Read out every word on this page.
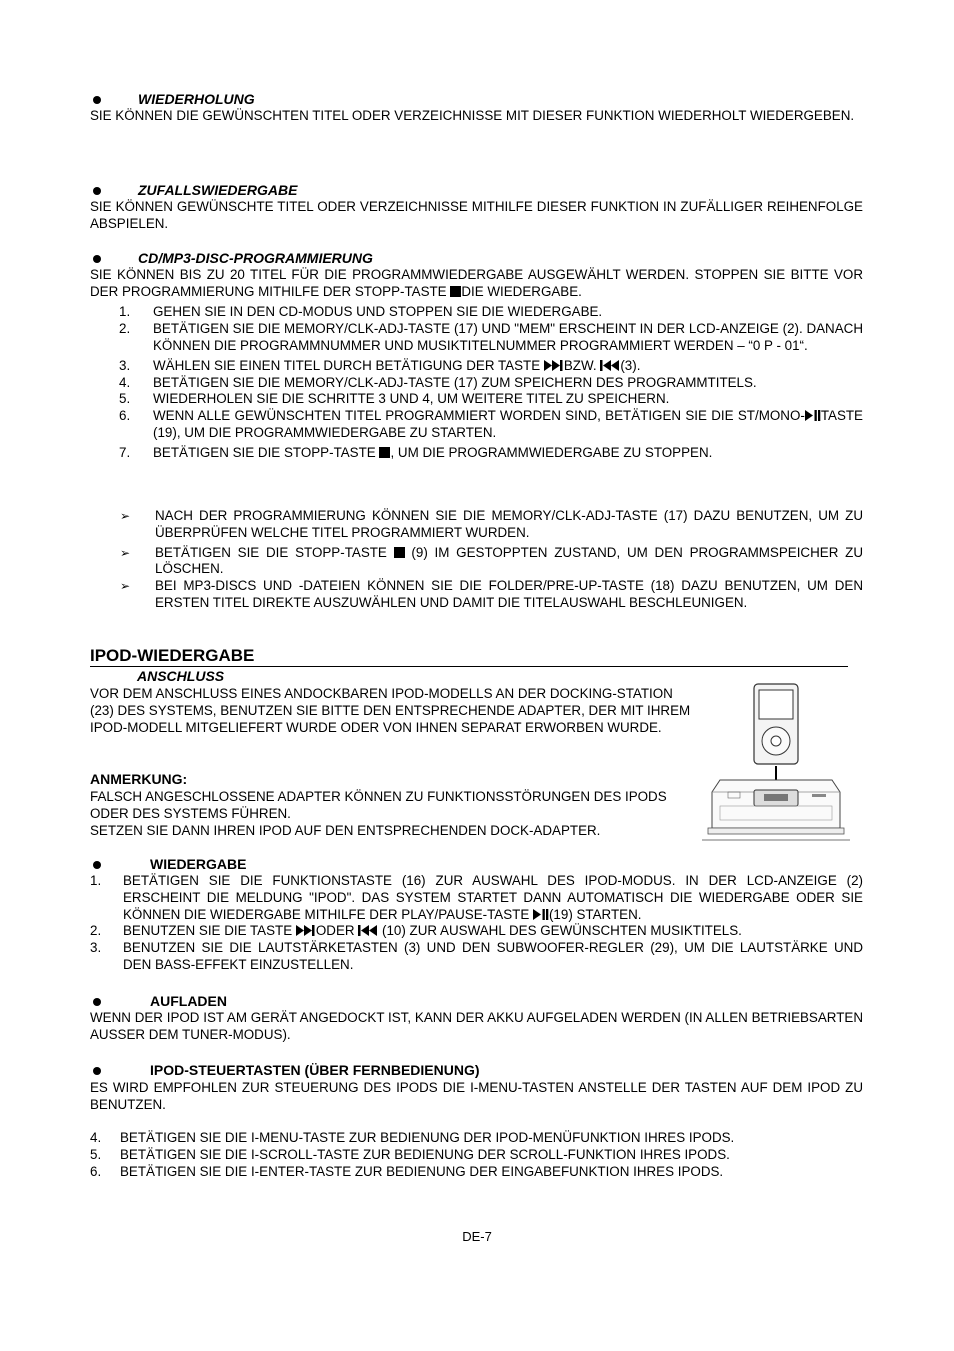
WIEDERHOLUNG
SIE KÖNNEN DIE GEWÜNSCHTEN TITEL ODER VERZEICHNISSE MIT DIESER FUNKTION WIEDERHOLT WIEDERGEBEN.
ZUFALLSWIEDERGABE
SIE KÖNNEN GEWÜNSCHTE TITEL ODER VERZEICHNISSE MITHILFE DIESER FUNKTION IN ZUFÄLLIGER REIHENFOLGE ABSPIELEN.
CD/MP3-DISC-PROGRAMMIERUNG
SIE KÖNNEN BIS ZU 20 TITEL FÜR DIE PROGRAMMWIEDERGABE AUSGEWÄHLT WERDEN. STOPPEN SIE BITTE VOR DER PROGRAMMIERUNG MITHILFE DER STOPP-TASTE DIE WIEDERGABE.
1. GEHEN SIE IN DEN CD-MODUS UND STOPPEN SIE DIE WIEDERGABE.
2. BETÄTIGEN SIE DIE MEMORY/CLK-ADJ-TASTE (17) UND "MEM" ERSCHEINT IN DER LCD-ANZEIGE (2). DANACH KÖNNEN DIE PROGRAMMNUMMER UND MUSIKTITELNUMMER PROGRAMMIERT WERDEN – “0 P - 01“.
3. WÄHLEN SIE EINEN TITEL DURCH BETÄTIGUNG DER TASTE BZW. (3).
4. BETÄTIGEN SIE DIE MEMORY/CLK-ADJ-TASTE (17) ZUM SPEICHERN DES PROGRAMMTITELS.
5. WIEDERHOLEN SIE DIE SCHRITTE 3 UND 4, UM WEITERE TITEL ZU SPEICHERN.
6. WENN ALLE GEWÜNSCHTEN TITEL PROGRAMMIERT WORDEN SIND, BETÄTIGEN SIE DIE ST/MONO- TASTE (19), UM DIE PROGRAMMWIEDERGABE ZU STARTEN.
7. BETÄTIGEN SIE DIE STOPP-TASTE , UM DIE PROGRAMMWIEDERGABE ZU STOPPEN.
➢ NACH DER PROGRAMMIERUNG KÖNNEN SIE DIE MEMORY/CLK-ADJ-TASTE (17) DAZU BENUTZEN, UM ZU ÜBERPRÜFEN WELCHE TITEL PROGRAMMIERT WURDEN.
➢ BETÄTIGEN SIE DIE STOPP-TASTE  (9) IM GESTOPPTEN ZUSTAND, UM DEN PROGRAMMSPEICHER ZU LÖSCHEN.
➢ BEI MP3-DISCS UND -DATEIEN KÖNNEN SIE DIE FOLDER/PRE-UP-TASTE (18) DAZU BENUTZEN, UM DEN ERSTEN TITEL DIREKTE AUSZUWÄHLEN UND DAMIT DIE TITELAUSWAHL BESCHLEUNIGEN.
IPOD-WIEDERGABE
ANSCHLUSS
VOR DEM ANSCHLUSS EINES ANDOCKBAREN IPOD-MODELLS AN DER DOCKING-STATION (23) DES SYSTEMS, BENUTZEN SIE BITTE DEN ENTSPRECHENDE ADAPTER, DER MIT IHREM IPOD-MODELL MITGELIEFERT WURDE ODER VON IHNEN SEPARAT ERWORBEN WURDE.
ANMERKUNG:
FALSCH ANGESCHLOSSENE ADAPTER KÖNNEN ZU FUNKTIONSSTÖRUNGEN DES IPODS ODER DES SYSTEMS FÜHREN.
SETZEN SIE DANN IHREN IPOD AUF DEN ENTSPRECHENDEN DOCK-ADAPTER.
WIEDERGABE
1. BETÄTIGEN SIE DIE FUNKTIONSTASTE (16) ZUR AUSWAHL DES IPOD-MODUS. IN DER LCD-ANZEIGE (2) ERSCHEINT DIE MELDUNG "IPOD". DAS SYSTEM STARTET DANN AUTOMATISCH DIE WIEDERGABE ODER SIE KÖNNEN DIE WIEDERGABE MITHILFE DER PLAY/PAUSE-TASTE (19) STARTEN.
2. BENUTZEN SIE DIE TASTE ODER  (10) ZUR AUSWAHL DES GEWÜNSCHTEN MUSIKTITELS.
3. BENUTZEN SIE DIE LAUTSTÄRKETASTEN (3) UND DEN SUBWOOFER-REGLER (29), UM DIE LAUTSTÄRKE UND DEN BASS-EFFEKT EINZUSTELLEN.
AUFLADEN
WENN DER IPOD IST AM GERÄT ANGEDOCKT IST, KANN DER AKKU AUFGELADEN WERDEN (IN ALLEN BETRIEBSARTEN AUSSER DEM TUNER-MODUS).
IPOD-STEUERTASTEN (ÜBER FERNBEDIENUNG)
ES WIRD EMPFOHLEN ZUR STEUERUNG DES IPODS DIE I-MENU-TASTEN ANSTELLE DER TASTEN AUF DEM IPOD ZU BENUTZEN.
4. BETÄTIGEN SIE DIE I-MENU-TASTE ZUR BEDIENUNG DER IPOD-MENÜFUNKTION IHRES IPODS.
5. BETÄTIGEN SIE DIE I-SCROLL-TASTE ZUR BEDIENUNG DER SCROLL-FUNKTION IHRES IPODS.
6. BETÄTIGEN SIE DIE I-ENTER-TASTE ZUR BEDIENUNG DER EINGABEFUNKTION IHRES IPODS.
DE-7
